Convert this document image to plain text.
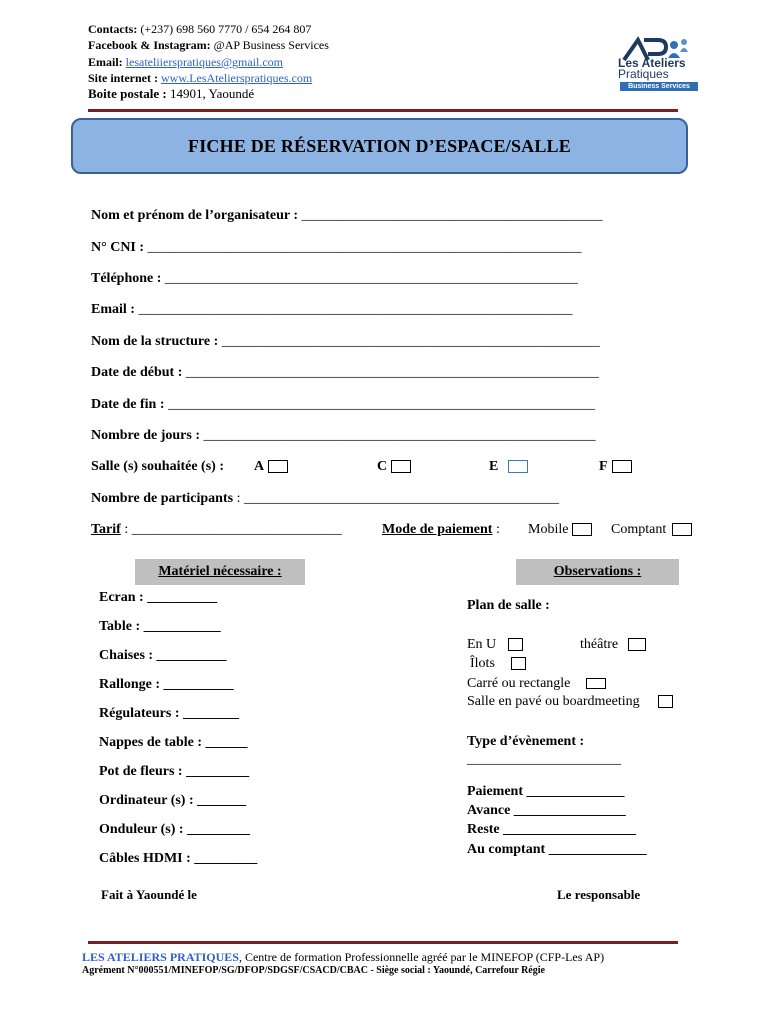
Contacts: (+237) 698 560 7770 / 654 264 807
Facebook & Instagram: @AP Business Services
Email: lesateliierspratiques@gmail.com
Site internet : www.LesAtelierspratiques.com
Boite postale : 14901, Yaoundé
Les Ateliers
Pratiques
Business Services
FICHE DE RÉSERVATION D’ESPACE/SALLE
Nom et prénom de l’organisateur : ___________________________________________
N° CNI : ______________________________________________________________
Téléphone : ___________________________________________________________
Email : ______________________________________________________________
Nom de la structure : ______________________________________________________
Date de début : ___________________________________________________________
Date de fin : _____________________________________________________________
Nombre de jours : ________________________________________________________
Salle (s) souhaitée (s) : A	C	E	F
Nombre de participants : _____________________________________________
Tarif : ______________________________	Mode de paiement : Mobile	Comptant
Matériel nécessaire :	Observations :
Ecran : __________
Table : ___________
Chaises : __________
Rallonge : __________
Régulateurs : ________
Nappes de table : ______
Pot de fleurs : _________
Ordinateur (s) : _______
Onduleur (s) : _________
Câbles HDMI : _________
Plan de salle :
En U	théâtre
Îlots
Carré ou rectangle
Salle en pavé ou boardmeeting
Type d’évènement :
______________________
Paiement ______________
Avance ________________
Reste ___________________
Au comptant ______________
Fait à Yaoundé le	Le responsable
LES ATELIERS PRATIQUES, Centre de formation Professionnelle agréé par le MINEFOP (CFP-Les AP)
Agrément N°000551/MINEFOP/SG/DFOP/SDGSF/CSACD/CBAC - Siège social : Yaoundé, Carrefour Régie
